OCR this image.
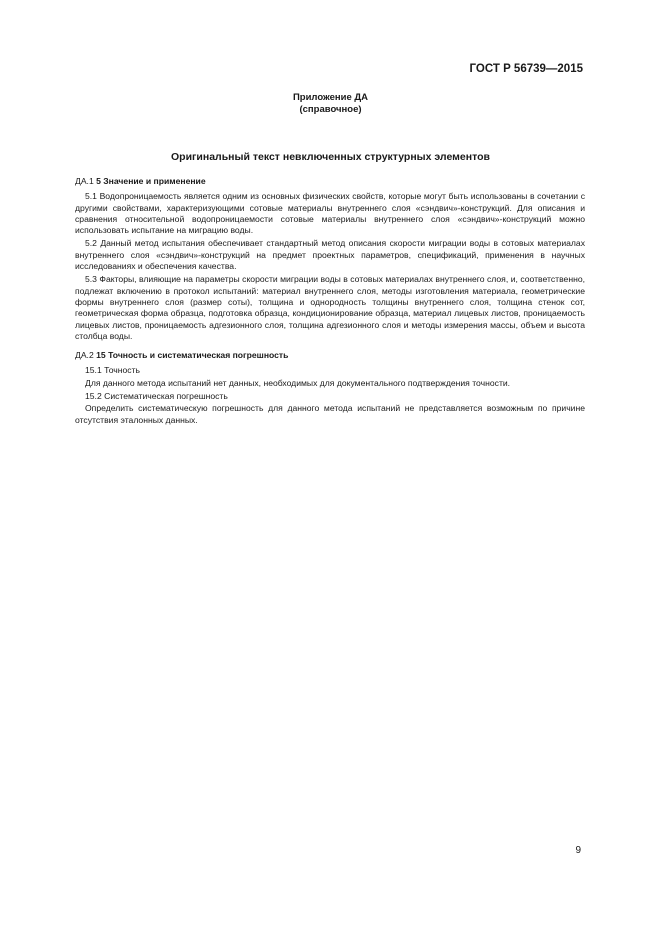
ГОСТ Р 56739—2015
Приложение ДА
(справочное)
Оригинальный текст невключенных структурных элементов
ДА.1 5 Значение и применение

5.1 Водопроницаемость является одним из основных физических свойств, которые могут быть использованы в сочетании с другими свойствами, характеризующими сотовые материалы внутреннего слоя «сэндвич»-конструкций. Для описания и сравнения относительной водопроницаемости сотовые материалы внутреннего слоя «сэндвич»-конструкций можно использовать испытание на миграцию воды.

5.2 Данный метод испытания обеспечивает стандартный метод описания скорости миграции воды в сотовых материалах внутреннего слоя «сэндвич»-конструкций на предмет проектных параметров, спецификаций, применения в научных исследованиях и обеспечения качества.

5.3 Факторы, влияющие на параметры скорости миграции воды в сотовых материалах внутреннего слоя, и, соответственно, подлежат включению в протокол испытаний: материал внутреннего слоя, методы изготовления материала, геометрические формы внутреннего слоя (размер соты), толщина и однородность толщины внутреннего слоя, толщина стенок сот, геометрическая форма образца, подготовка образца, кондиционирование образца, материал лицевых листов, проницаемость лицевых листов, проницаемость адгезионного слоя, толщина адгезионного слоя и методы измерения массы, объем и высота столбца воды.

ДА.2 15 Точность и систематическая погрешность

15.1 Точность

Для данного метода испытаний нет данных, необходимых для документального подтверждения точности.

15.2 Систематическая погрешность

Определить систематическую погрешность для данного метода испытаний не представляется возможным по причине отсутствия эталонных данных.

9
